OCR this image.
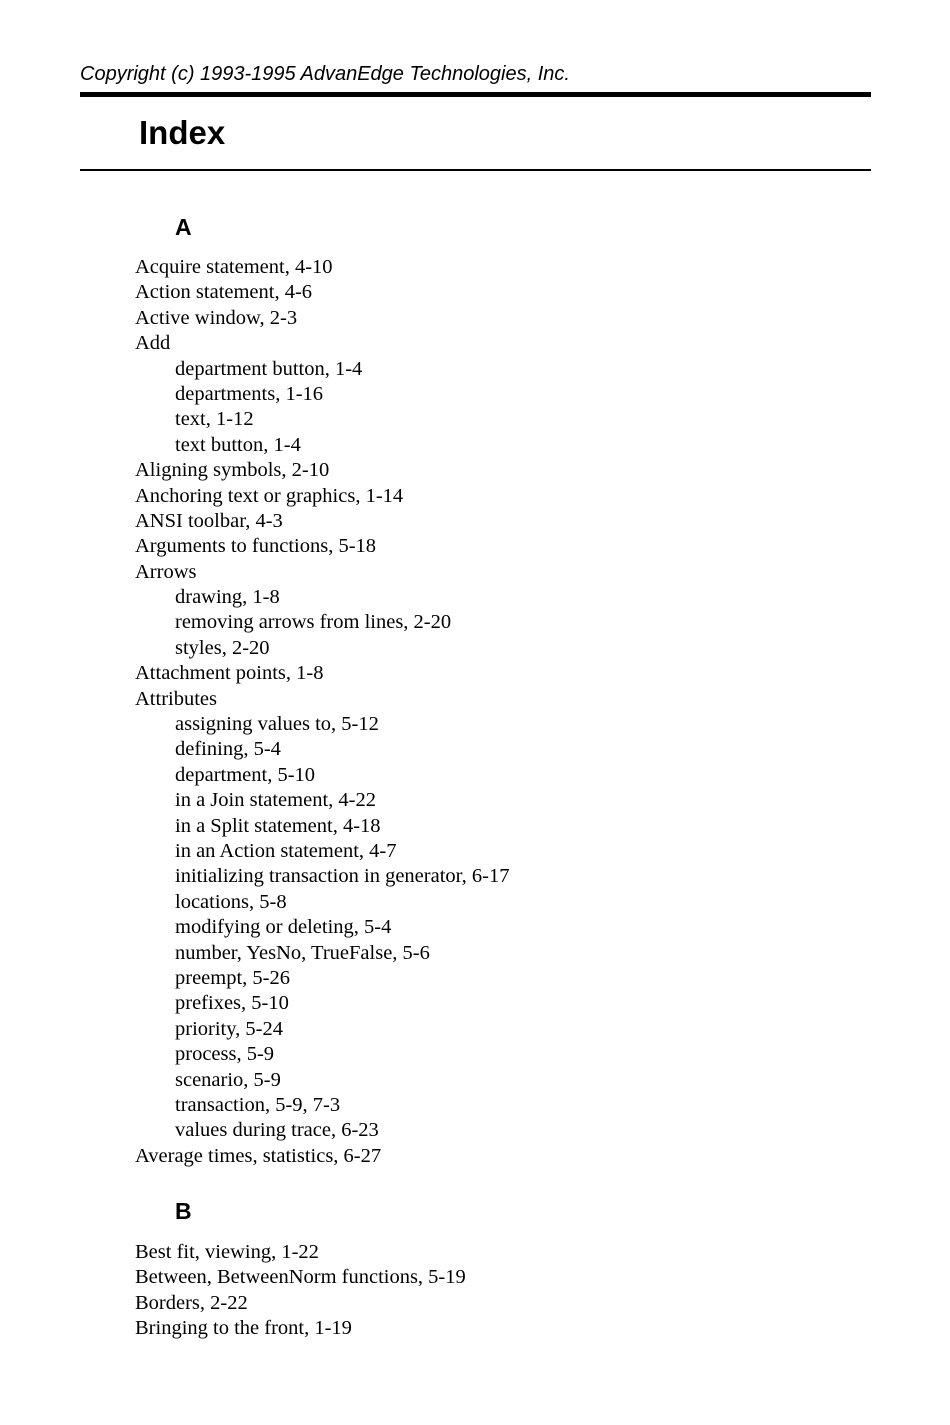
Copyright (c) 1993-1995 AdvanEdge Technologies, Inc.
Index
A
Acquire statement, 4-10
Action statement, 4-6
Active window, 2-3
Add
department button, 1-4
departments, 1-16
text, 1-12
text button, 1-4
Aligning symbols, 2-10
Anchoring text or graphics, 1-14
ANSI toolbar, 4-3
Arguments to functions, 5-18
Arrows
drawing, 1-8
removing arrows from lines, 2-20
styles, 2-20
Attachment points, 1-8
Attributes
assigning values to, 5-12
defining, 5-4
department, 5-10
in a Join statement, 4-22
in a Split statement, 4-18
in an Action statement, 4-7
initializing transaction in generator, 6-17
locations, 5-8
modifying or deleting, 5-4
number, YesNo, TrueFalse, 5-6
preempt, 5-26
prefixes, 5-10
priority, 5-24
process, 5-9
scenario, 5-9
transaction, 5-9, 7-3
values during trace, 6-23
Average times, statistics, 6-27
B
Best fit, viewing, 1-22
Between, BetweenNorm functions, 5-19
Borders, 2-22
Bringing to the front, 1-19
